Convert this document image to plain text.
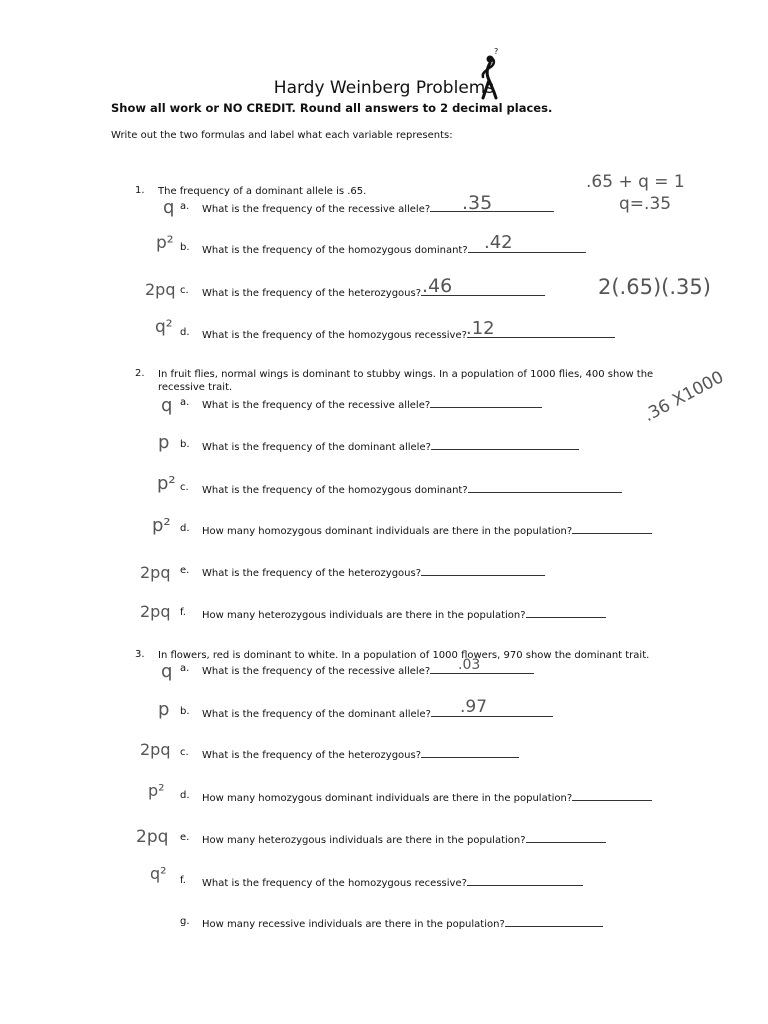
Hardy Weinberg Problems
?
Show all work or NO CREDIT. Round all answers to 2 decimal places.
Write out the two formulas and label what each variable represents:
1. The frequency of a dominant allele is .65.
q a. What is the frequency of the recessive allele?	.35
p² b. What is the frequency of the homozygous dominant? .42
2pq c. What is the frequency of the heterozygous? .46
q² d. What is the frequency of the homozygous recessive? .12
.65 + q = 1
q=.35
2(.65)(.35)
2. In fruit flies, normal wings is dominant to stubby wings. In a population of 1000 flies, 400 show the recessive trait.
q a. What is the frequency of the recessive allele?
p b. What is the frequency of the dominant allele?
p² c. What is the frequency of the homozygous dominant?
p² d. How many homozygous dominant individuals are there in the population?
2pq e. What is the frequency of the heterozygous?
2pq f. How many heterozygous individuals are there in the population?
.36 X1000
3. In flowers, red is dominant to white. In a population of 1000 flowers, 970 show the dominant trait.
q a. What is the frequency of the recessive allele?	.03
p b. What is the frequency of the dominant allele?	.97
2pq c. What is the frequency of the heterozygous?
p² d. How many homozygous dominant individuals are there in the population?
2pq e. How many heterozygous individuals are there in the population?
q² f. What is the frequency of the homozygous recessive?
g. How many recessive individuals are there in the population?
